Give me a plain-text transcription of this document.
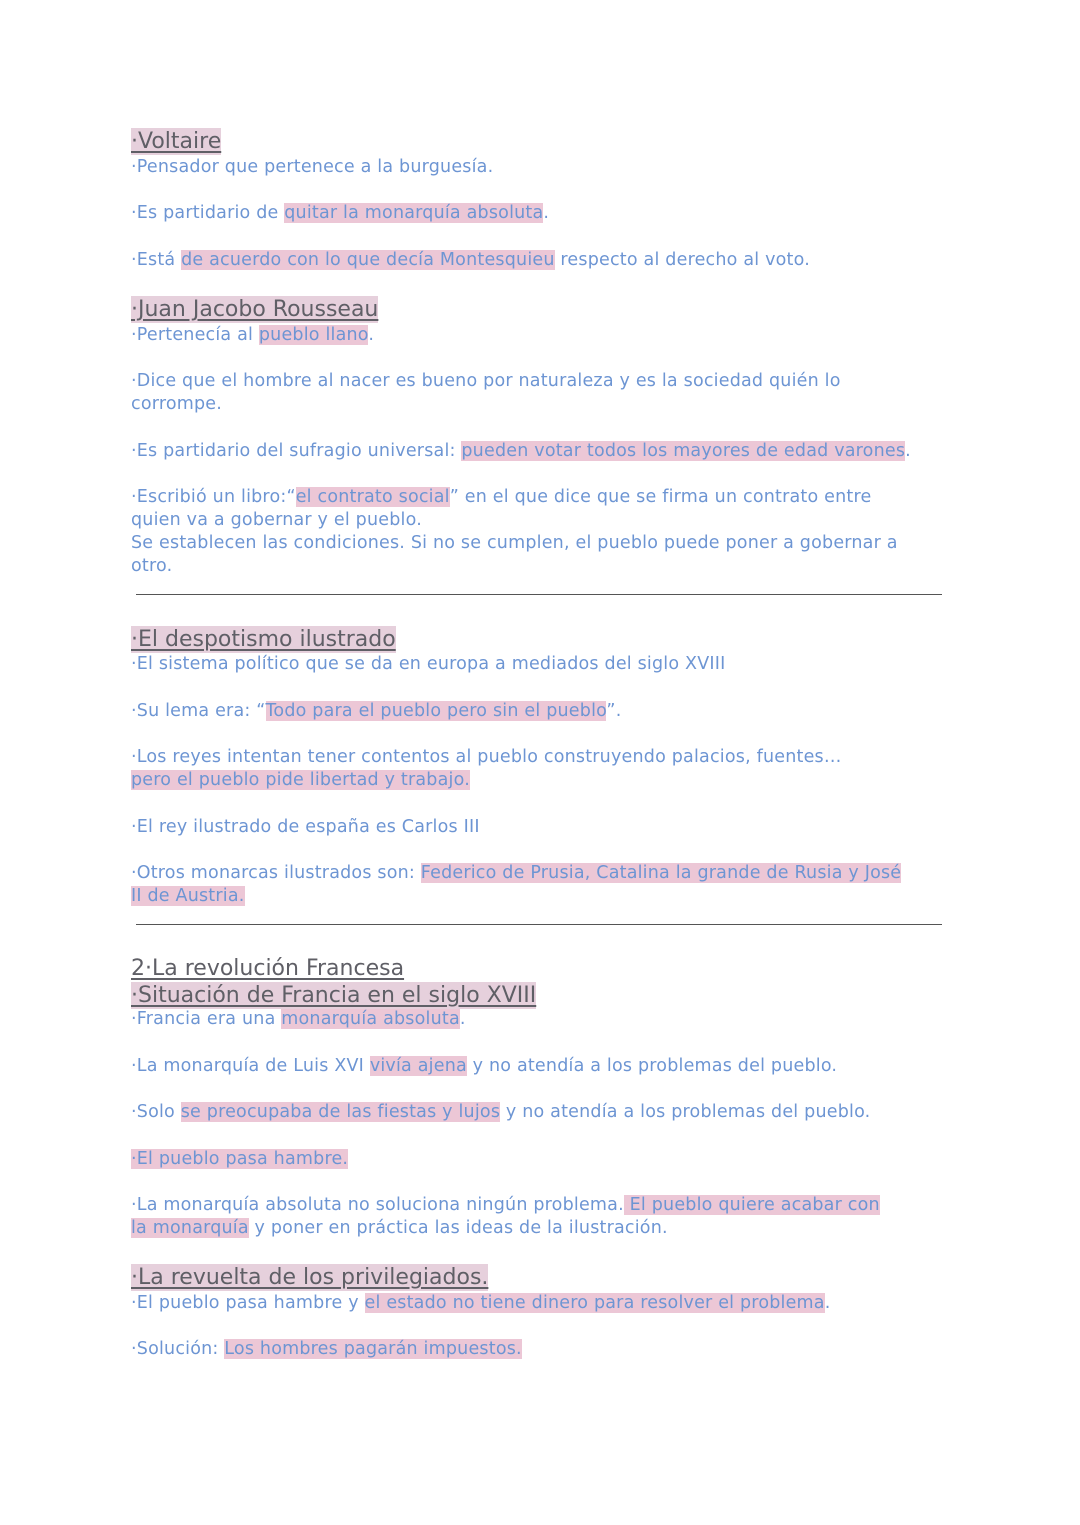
·Voltaire
·Pensador que pertenece a la burguesía.
·Es partidario de quitar la monarquía absoluta.
·Está de acuerdo con lo que decía Montesquieu respecto al derecho al voto.
·Juan Jacobo Rousseau
·Pertenecía al pueblo llano.
·Dice que el hombre al nacer es bueno por naturaleza y es la sociedad quién lo
corrompe.
·Es partidario del sufragio universal: pueden votar todos los mayores de edad varones.
·Escribió un libro:“el contrato social” en el que dice que se firma un contrato entre
quien va a gobernar y el pueblo.
Se establecen las condiciones. Si no se cumplen, el pueblo puede poner a gobernar a
otro.
·El despotismo ilustrado
·El sistema político que se da en europa a mediados del siglo XVIII
·Su lema era: “Todo para el pueblo pero sin el pueblo”.
·Los reyes intentan tener contentos al pueblo construyendo palacios, fuentes…
pero el pueblo pide libertad y trabajo.
·El rey ilustrado de españa es Carlos III
·Otros monarcas ilustrados son: Federico de Prusia, Catalina la grande de Rusia y José
II de Austria.
2·La revolución Francesa
·Situación de Francia en el siglo XVIII
·Francia era una monarquía absoluta.
·La monarquía de Luis XVI vivía ajena y no atendía a los problemas del pueblo.
·Solo se preocupaba de las fiestas y lujos y no atendía a los problemas del pueblo.
·El pueblo pasa hambre.
·La monarquía absoluta no soluciona ningún problema. El pueblo quiere acabar con
la monarquía y poner en práctica las ideas de la ilustración.
·La revuelta de los privilegiados.
·El pueblo pasa hambre y el estado no tiene dinero para resolver el problema.
·Solución: Los hombres pagarán impuestos.
